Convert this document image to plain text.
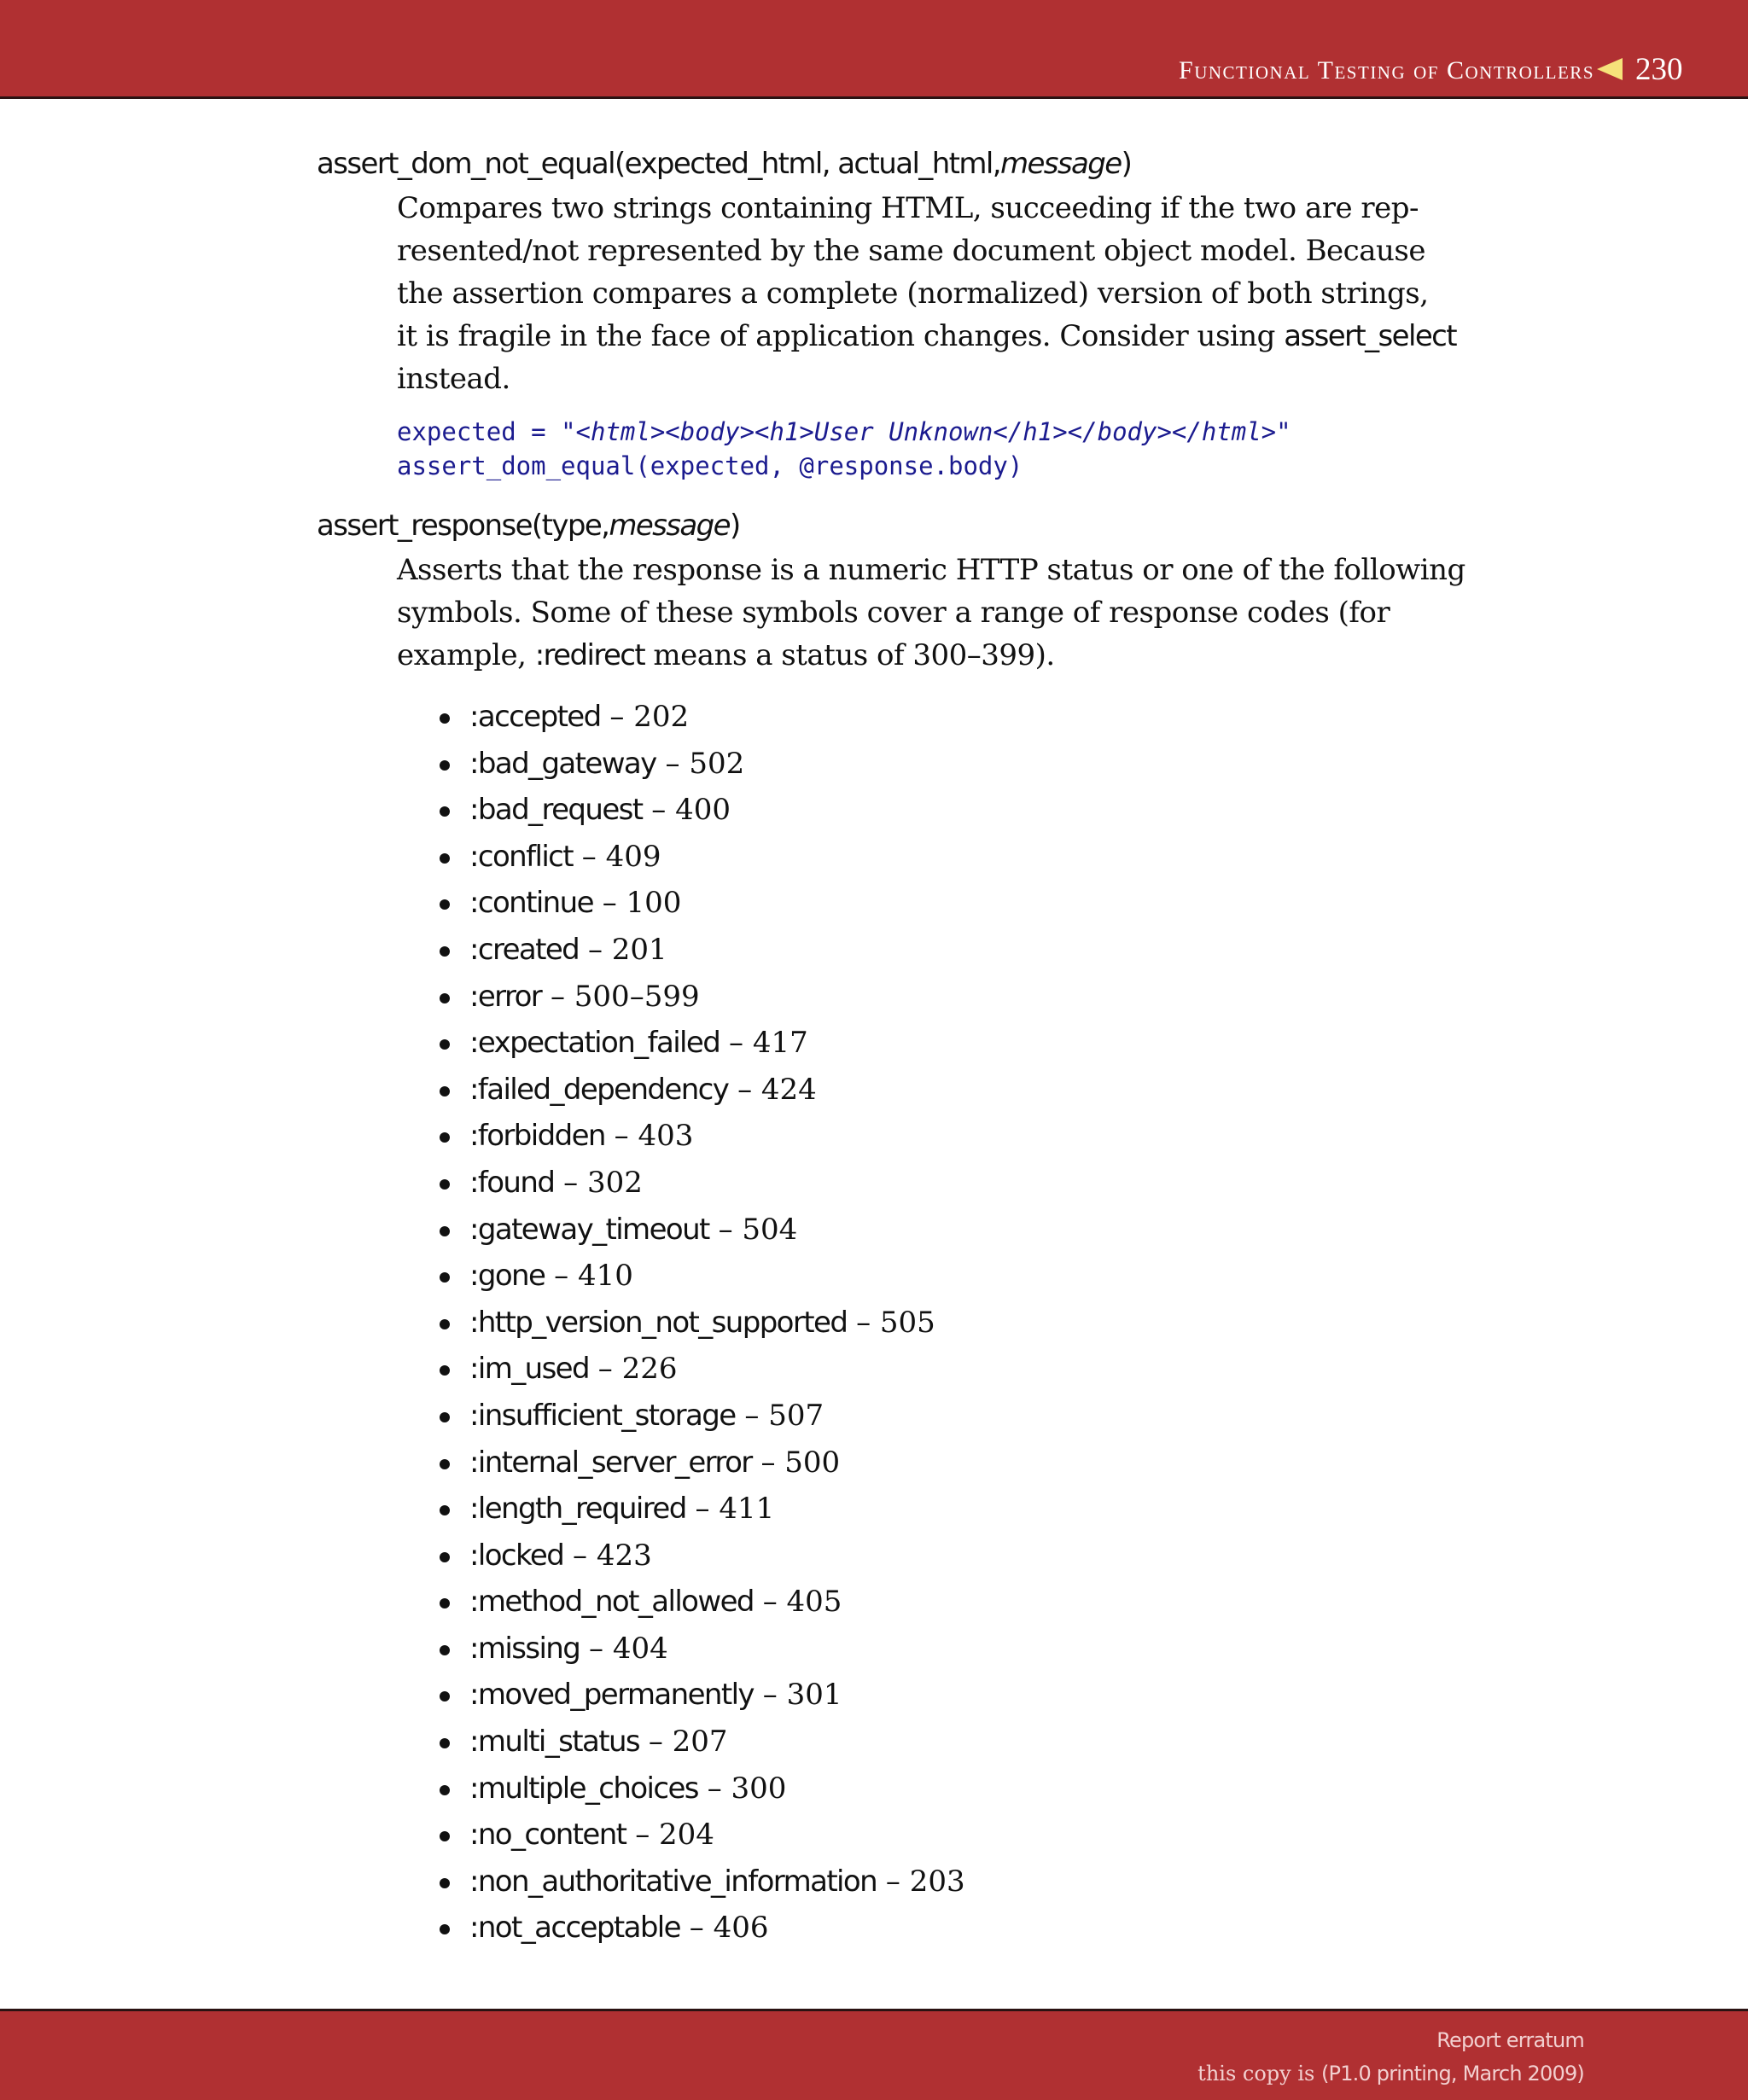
Functional Testing of Controllers 230
assert_dom_not_equal(expected_html, actual_html,message)
Compares two strings containing HTML, succeeding if the two are rep-
resented/not represented by the same document object model. Because
the assertion compares a complete (normalized) version of both strings,
it is fragile in the face of application changes. Consider using assert_select
instead.
expected = "<html><body><h1>User Unknown</h1></body></html>"
assert_dom_equal(expected, @response.body)
assert_response(type,message)
Asserts that the response is a numeric HTTP status or one of the following
symbols. Some of these symbols cover a range of response codes (for
example, :redirect means a status of 300–399).
:accepted – 202
:bad_gateway – 502
:bad_request – 400
:conflict – 409
:continue – 100
:created – 201
:error – 500–599
:expectation_failed – 417
:failed_dependency – 424
:forbidden – 403
:found – 302
:gateway_timeout – 504
:gone – 410
:http_version_not_supported – 505
:im_used – 226
:insufficient_storage – 507
:internal_server_error – 500
:length_required – 411
:locked – 423
:method_not_allowed – 405
:missing – 404
:moved_permanently – 301
:multi_status – 207
:multiple_choices – 300
:no_content – 204
:non_authoritative_information – 203
:not_acceptable – 406
Report erratum
this copy is (P1.0 printing, March 2009)
